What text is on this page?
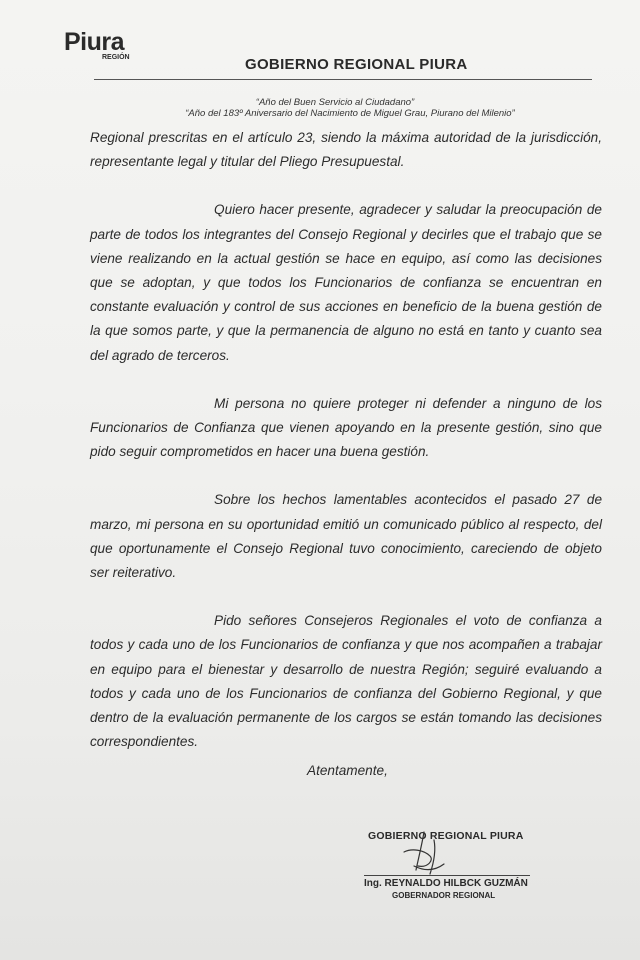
Piura
REGIÓN	GOBIERNO REGIONAL PIURA
“Año del Buen Servicio al Ciudadano”
“Año del 183º Aniversario del Nacimiento de Miguel Grau, Piurano del Milenio”

Regional prescritas en el artículo 23, siendo la máxima autoridad de la jurisdicción, representante legal y titular del Pliego Presupuestal.

Quiero hacer presente, agradecer y saludar la preocupación de parte de todos los integrantes del Consejo Regional y decirles que el trabajo que se viene realizando en la actual gestión se hace en equipo, así como las decisiones que se adoptan, y que todos los Funcionarios de confianza se encuentran en constante evaluación y control de sus acciones en beneficio de la buena gestión de la que somos parte, y que la permanencia de alguno no está en tanto y cuanto sea del agrado de terceros.

Mi persona no quiere proteger ni defender a ninguno de los Funcionarios de Confianza que vienen apoyando en la presente gestión, sino que pido seguir comprometidos en hacer una buena gestión.

Sobre los hechos lamentables acontecidos el pasado 27 de marzo, mi persona en su oportunidad emitió un comunicado público al respecto, del que oportunamente el Consejo Regional tuvo conocimiento, careciendo de objeto ser reiterativo.

Pido señores Consejeros Regionales el voto de confianza a todos y cada uno de los Funcionarios de confianza y que nos acompañen a trabajar en equipo para el bienestar y desarrollo de nuestra Región; seguiré evaluando a todos y cada uno de los Funcionarios de confianza del Gobierno Regional, y que dentro de la evaluación permanente de los cargos se están tomando las decisiones correspondientes.

Atentamente,
GOBIERNO REGIONAL PIURA
Ing. REYNALDO HILBCK GUZMÁN
GOBERNADOR REGIONAL
